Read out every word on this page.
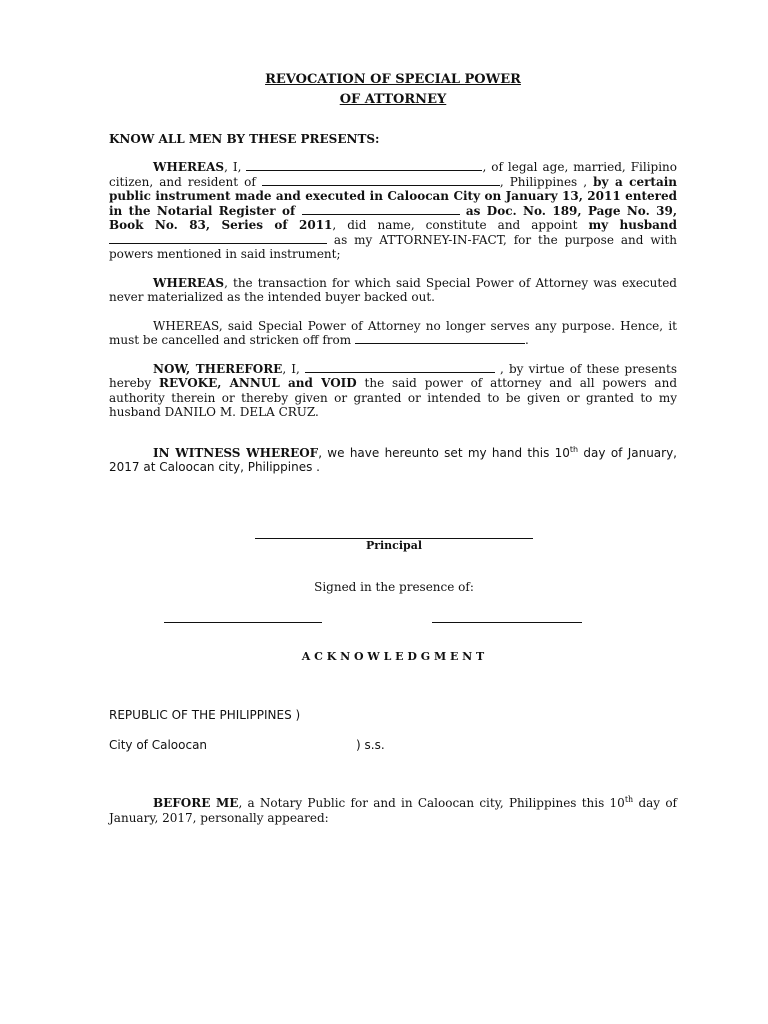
REVOCATION OF SPECIAL POWER

OF ATTORNEY

KNOW ALL MEN BY THESE PRESENTS:

WHEREAS, I,	, of legal age, married, Filipino citizen, and resident of	, Philippines , by a certain public instrument made and executed in Caloocan City on January 13, 2011 entered in the Notarial Register of	as Doc. No. 189, Page No. 39, Book No. 83, Series of 2011, did name, constitute and appoint my husband  as my ATTORNEY-IN-FACT, for the purpose and with powers mentioned in said instrument;

WHEREAS, the transaction for which said Special Power of Attorney was executed never materialized as the intended buyer backed out.

WHEREAS, said Special Power of Attorney no longer serves any purpose. Hence, it must be cancelled and stricken off from	.

NOW, THEREFORE, I,	, by virtue of these presents hereby REVOKE, ANNUL and VOID the said power of attorney and all powers and authority therein or thereby given or granted or intended to be given or granted to my husband DANILO M. DELA CRUZ.

IN WITNESS WHEREOF, we have hereunto set my hand this 10th day of January, 2017 at Caloocan city, Philippines .

Principal
Signed in the presence of:
A C K N O W L E D G M E N T
REPUBLIC OF THE PHILIPPINES )
City of Caloocan	) s.s.

BEFORE ME, a Notary Public for and in Caloocan city, Philippines this 10th day of January, 2017, personally appeared:
